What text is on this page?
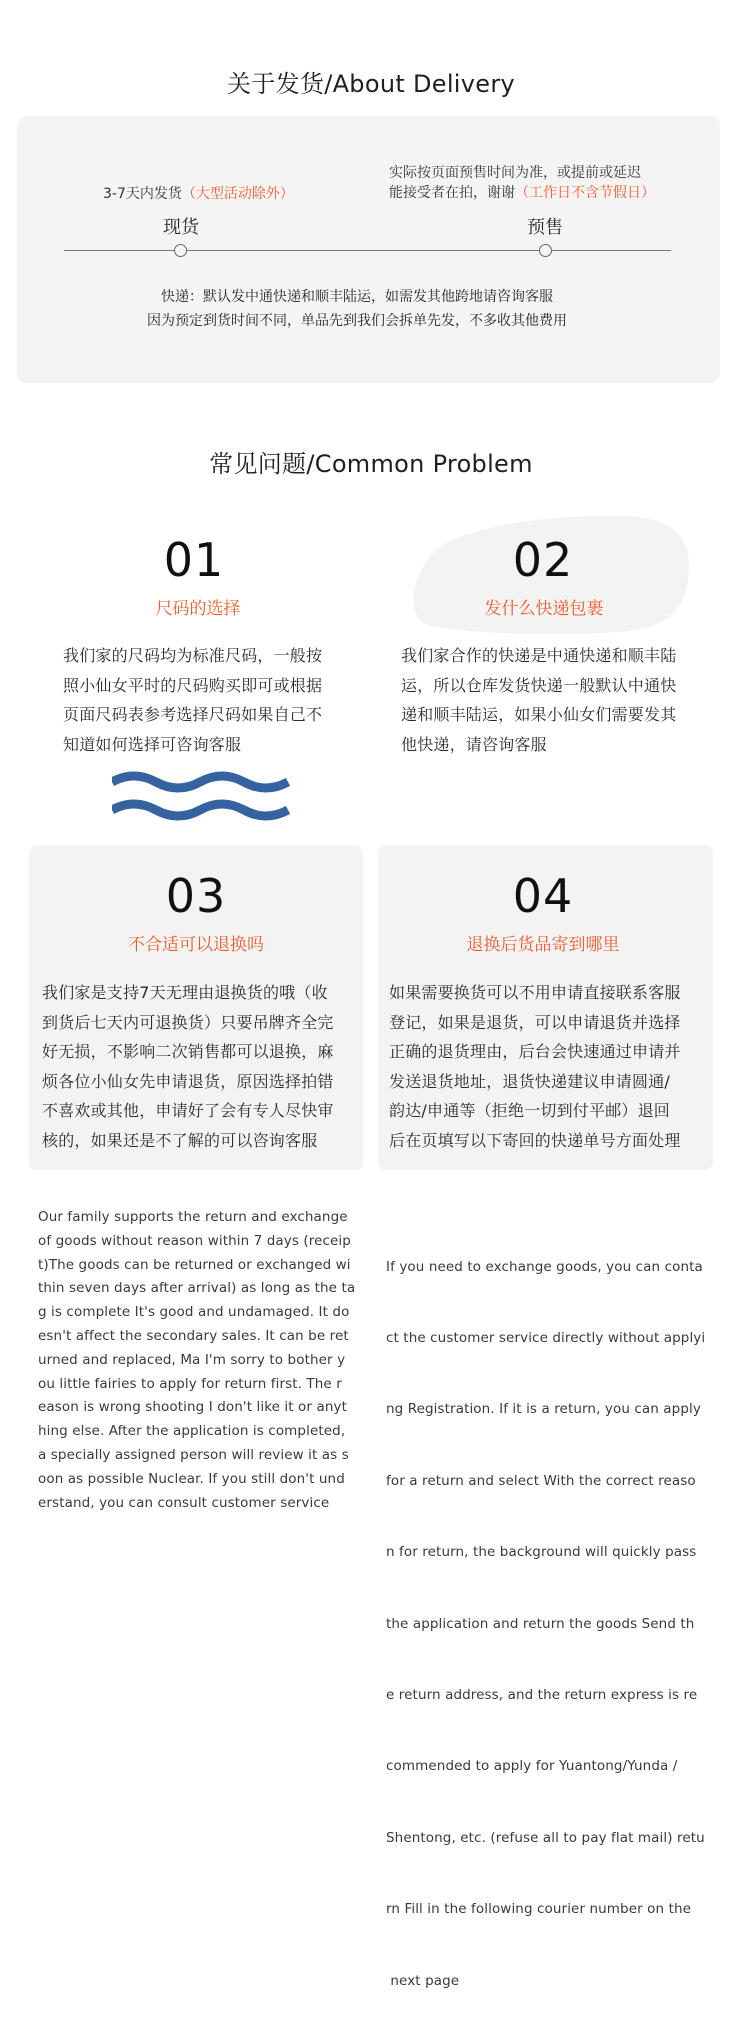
关于发货/About Delivery
3-7天内发货（大型活动除外）
实际按页面预售时间为准，或提前或延迟
能接受者在拍，谢谢（工作日不含节假日）
现货	预售
快递：默认发中通快递和顺丰陆运，如需发其他跨地请咨询客服
因为预定到货时间不同，单品先到我们会拆单先发，不多收其他费用
常见问题/Common Problem
01
尺码的选择
我们家的尺码均为标准尺码，一般按
照小仙女平时的尺码购买即可或根据
页面尺码表参考选择尺码如果自己不
知道如何选择可咨询客服
02
发什么快递包裹
我们家合作的快递是中通快递和顺丰陆
运，所以仓库发货快递一般默认中通快
递和顺丰陆运，如果小仙女们需要发其
他快递，请咨询客服
03
不合适可以退换吗
我们家是支持7天无理由退换货的哦（收
到货后七天内可退换货）只要吊牌齐全完
好无损，不影响二次销售都可以退换，麻
烦各位小仙女先申请退货，原因选择拍错
不喜欢或其他，申请好了会有专人尽快审
核的，如果还是不了解的可以咨询客服
04
退换后货品寄到哪里
如果需要换货可以不用申请直接联系客服
登记，如果是退货，可以申请退货并选择
正确的退货理由，后台会快速通过申请并
发送退货地址，退货快递建议申请圆通/
韵达/申通等（拒绝一切到付平邮）退回
后在页填写以下寄回的快递单号方面处理
Our family supports the return and exchange
of goods without reason within 7 days (receip
t)The goods can be returned or exchanged wi
thin seven days after arrival) as long as the ta
g is complete It's good and undamaged. It do
esn't affect the secondary sales. It can be ret
urned and replaced, Ma I'm sorry to bother y
ou little fairies to apply for return first. The r
eason is wrong shooting I don't like it or anyt
hing else. After the application is completed,
a specially assigned person will review it as s
oon as possible Nuclear. If you still don't und
erstand, you can consult customer service

If you need to exchange goods, you can conta

ct the customer service directly without applyi

ng Registration. If it is a return, you can apply

for a return and select With the correct reaso

n for return, the background will quickly pass

the application and return the goods Send th

e return address, and the return express is re

commended to apply for Yuantong/Yunda /

Shentong, etc. (refuse all to pay flat mail) retu

rn Fill in the following courier number on the

next page
